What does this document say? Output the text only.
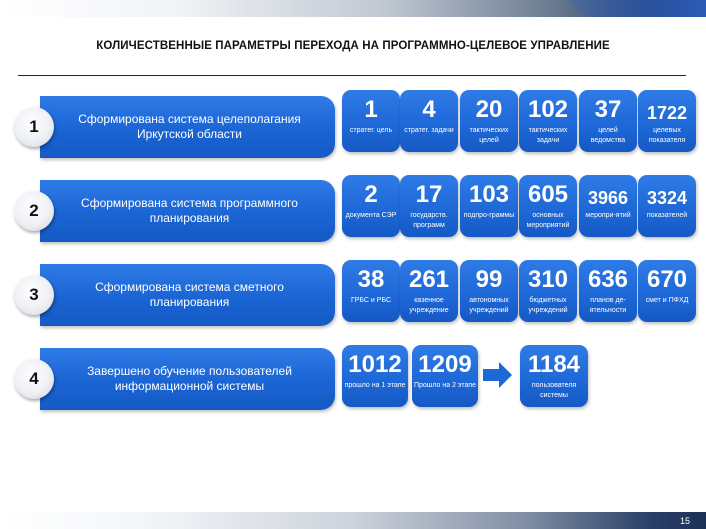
КОЛИЧЕСТВЕННЫЕ ПАРАМЕТРЫ ПЕРЕХОДА НА ПРОГРАММНО-ЦЕЛЕВОЕ УПРАВЛЕНИЕ
Сформирована система целеполагания Иркутской области
1
1
стратег. цель
4
стратег. задачи
20
тактических целей
102
тактических задачи
37
целей ведомства
1722
целевых показателя
Сформирована система программного планирования
2
2
документа СЭР
17
государств. программ
103
подпро-граммы
605
основных мероприятий
3966
меропри-ятий
3324
показателей
Сформирована система сметного планирования
3
38
ГРБС и РБС
261
казенное учреждение
99
автономных учреждений
310
бюджетных учреждений
636
планов де-ятельности
670
смет и ПФХД
Завершено обучение пользователей информационной системы
4
1012
прошло на 1 этапе
1209
Прошло на 2 этапе
1184
пользователя системы
15
